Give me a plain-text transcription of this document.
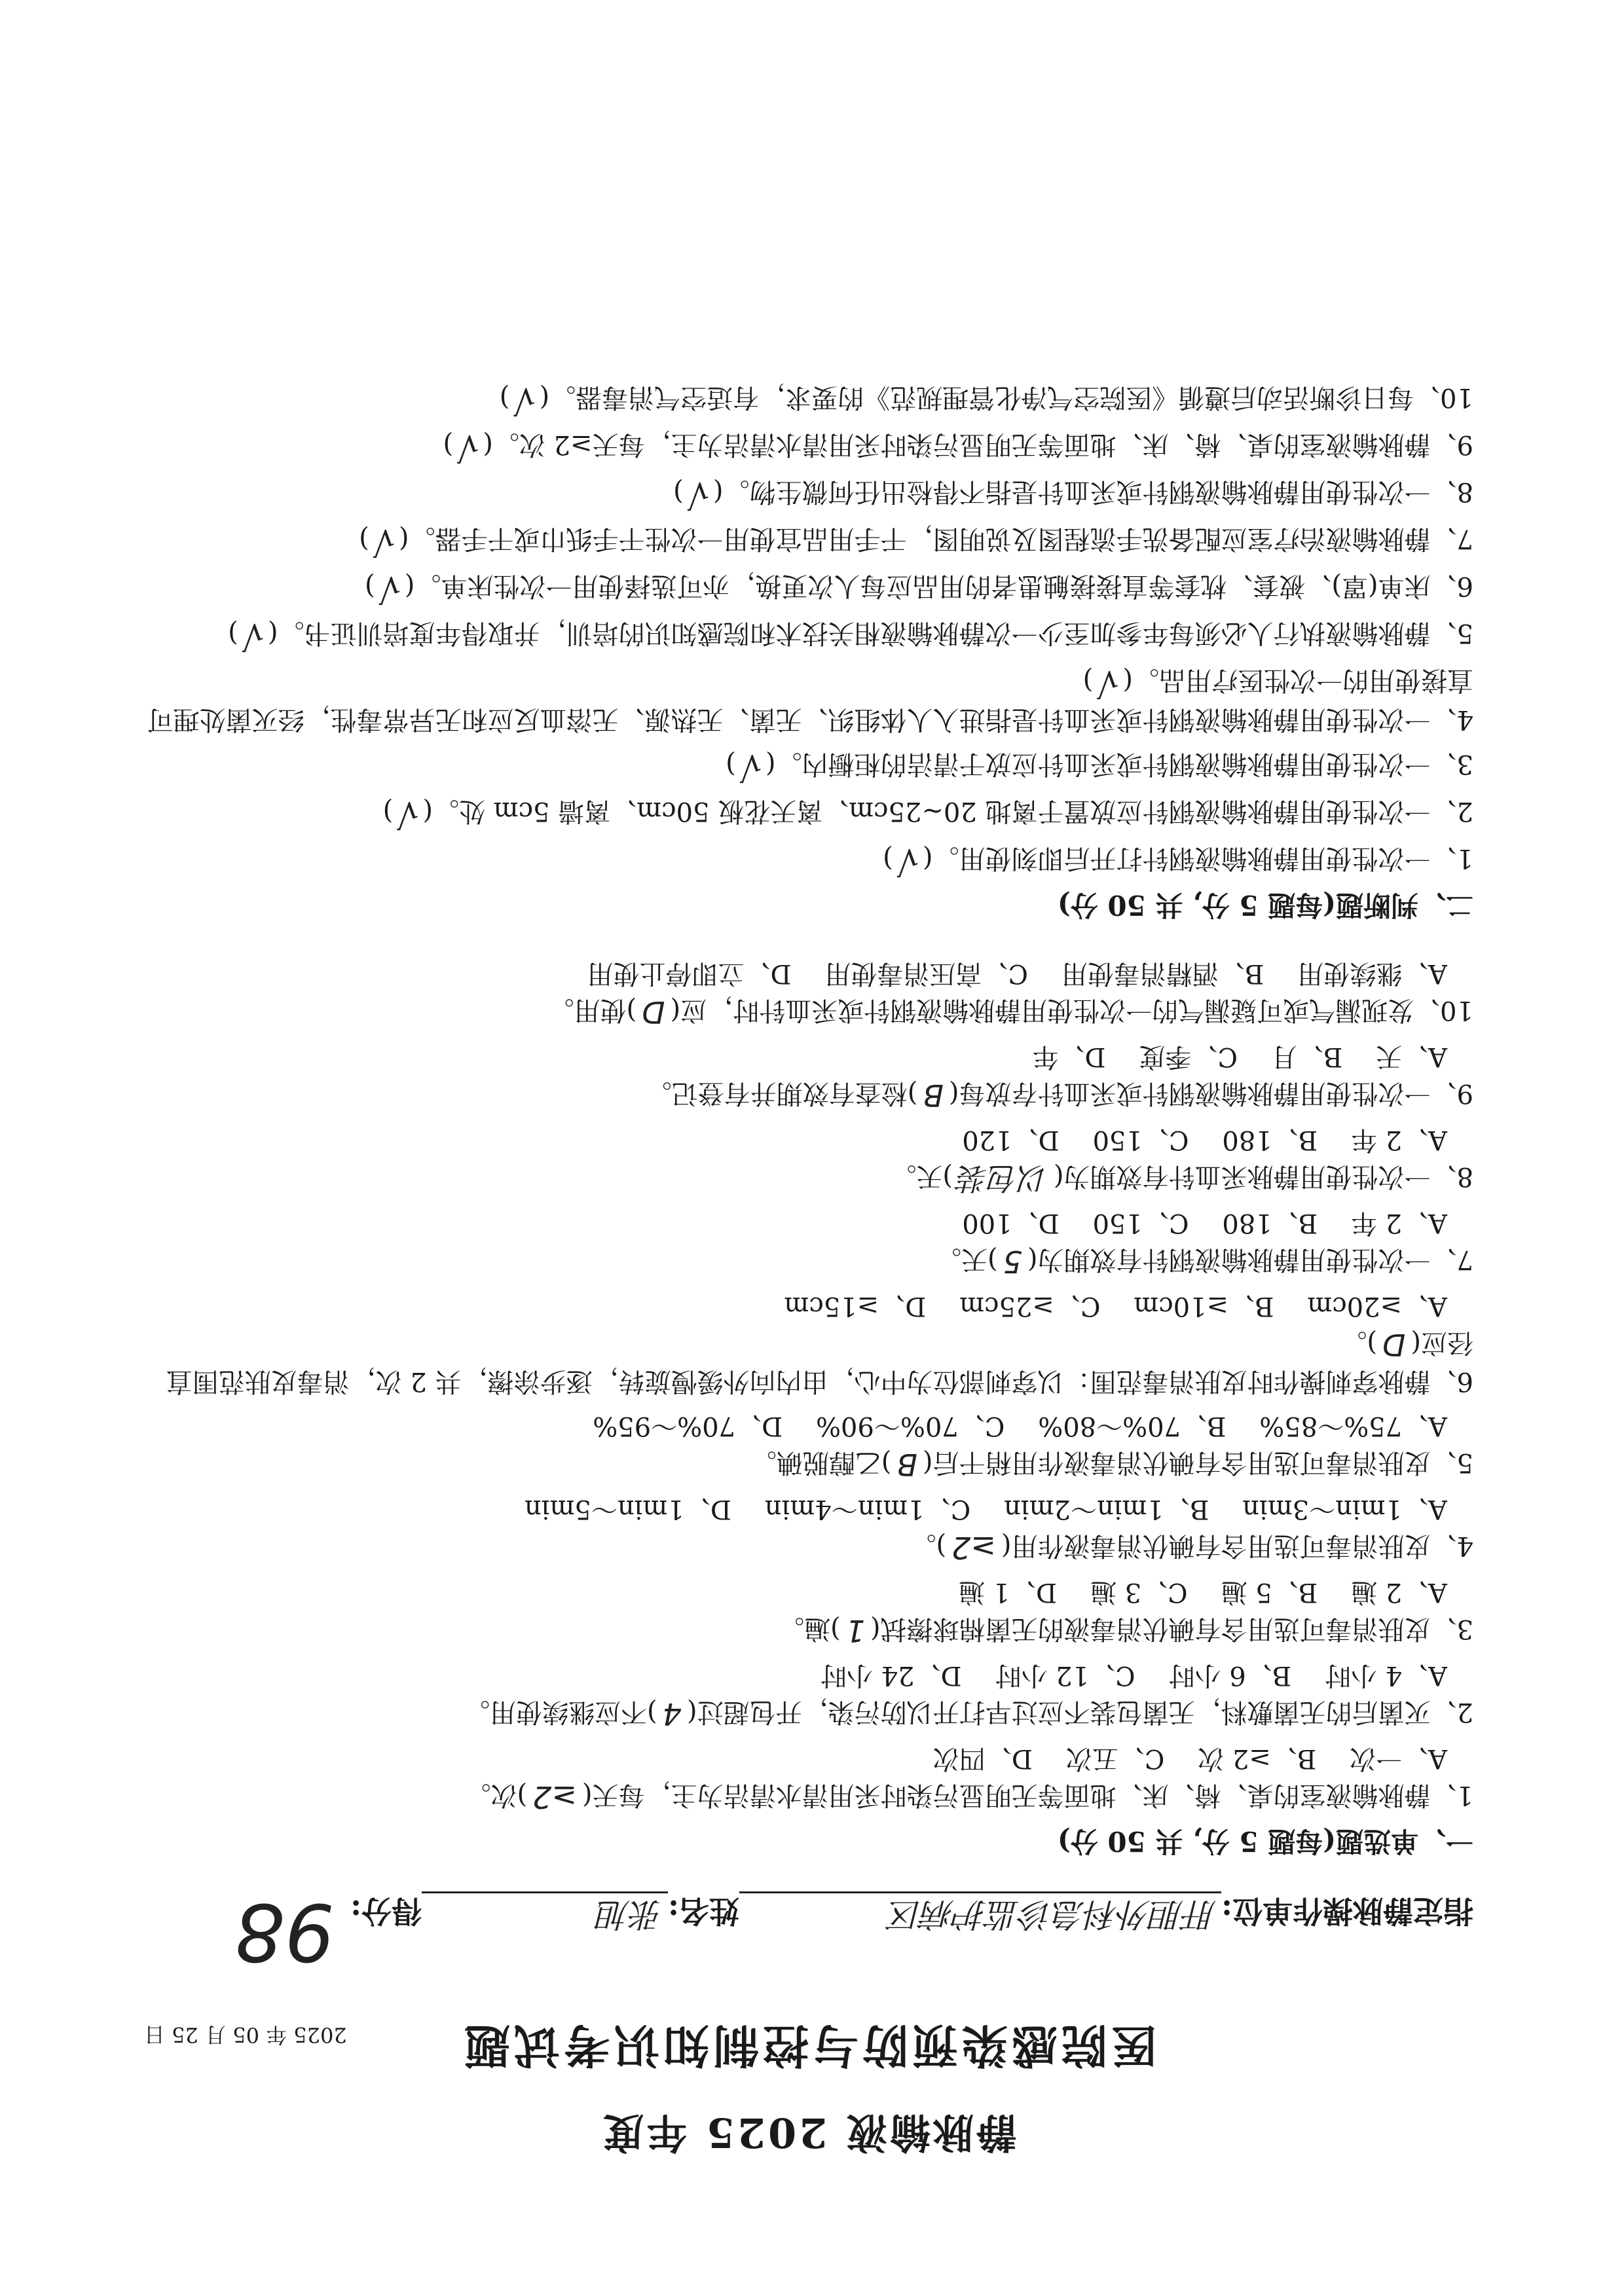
静脉输液 2025 年度
医院感染预防与控制知识考试题
2025 年 05 月 25 日
指定静脉操作单位:
肝胆外科急诊监护病区
姓名:
张旭
得分:
98
一、单选题(每题 5 分, 共 50 分)
1、静脉输液室的桌、椅、床、地面等无明显污染时采用清水清洁为主，每天(≥2)次。
A、一次    B、≥2 次    C、五次    D、四次
2、灭菌后的无菌敷料，无菌包装不应过早打开以防污染，开包超过(4)不应继续使用。
A、4 小时    B、6 小时    C、12 小时    D、24 小时
3、皮肤消毒可选用含有碘伏消毒液的无菌棉球擦拭(1)遍。
A、2 遍    B、5 遍    C、3 遍    D、1 遍
4、皮肤消毒可选用含有碘伏消毒液作用(≥2)。
A、1min～3min    B、1min～2min    C、1min～4min    D、1min～5min
5、皮肤消毒可选用含有碘伏消毒液作用稍干后(B)乙醇脱碘。
A、75%～85%    B、70%～80%    C、70%～90%    D、70%～95%
6、静脉穿刺操作时皮肤消毒范围：以穿刺部位为中心，由内向外缓慢旋转，逐步涂擦，共 2 次，消毒皮肤范围直径应(D)。
A、≥20cm    B、≥10cm    C、≥25cm    D、≥15cm
7、一次性使用静脉输液钢针有效期为(5)天。
A、2 年    B、180    C、150    D、100
8、一次性使用静脉采血针有效期为(以包装)天。
A、2 年    B、180    C、150    D、120
9、一次性使用静脉输液钢针或采血针存放每(B)检查有效期并有登记。
A、天    B、月    C、季度    D、年
10、发现漏气或可疑漏气的一次性使用静脉输液钢针或采血针时，应(D)使用。
A、继续使用    B、酒精消毒使用    C、高压消毒使用    D、立即停止使用
二、判断题(每题 5 分, 共 50 分)
1、一次性使用静脉输液钢针打开后即刻使用。(√)
2、一次性使用静脉输液钢针应放置于离地 20~25cm、离天花板 50cm、离墙 5cm 处。(√)
3、一次性使用静脉输液钢针或采血针应放于清洁的柜橱内。(√)
4、一次性使用静脉输液钢针或采血针是指进入人体组织、无菌、无热源、无溶血反应和无异常毒性，经灭菌处理可直接使用的一次性医疗用品。(√)
5、静脉输液执行人必须每年参加至少一次静脉输液相关技术和院感知识的培训，并取得年度培训证书。(√)
6、床单(罩)、被套、枕套等直接接触患者的用品应每人次更换，亦可选择使用一次性床单。(√)
7、静脉输液治疗室应配备洗手流程图及说明图，干手用品宜使用一次性干手纸巾或干手器。(√)
8、一次性使用静脉输液钢针或采血针是指不得检出任何微生物。(√)
9、静脉输液室的桌、椅、床、地面等无明显污染时采用清水清洁为主，每天≥2 次。(√)
10、每日诊断活动后遵循《医院空气净化管理规范》的要求，有适空气消毒器。(√)
